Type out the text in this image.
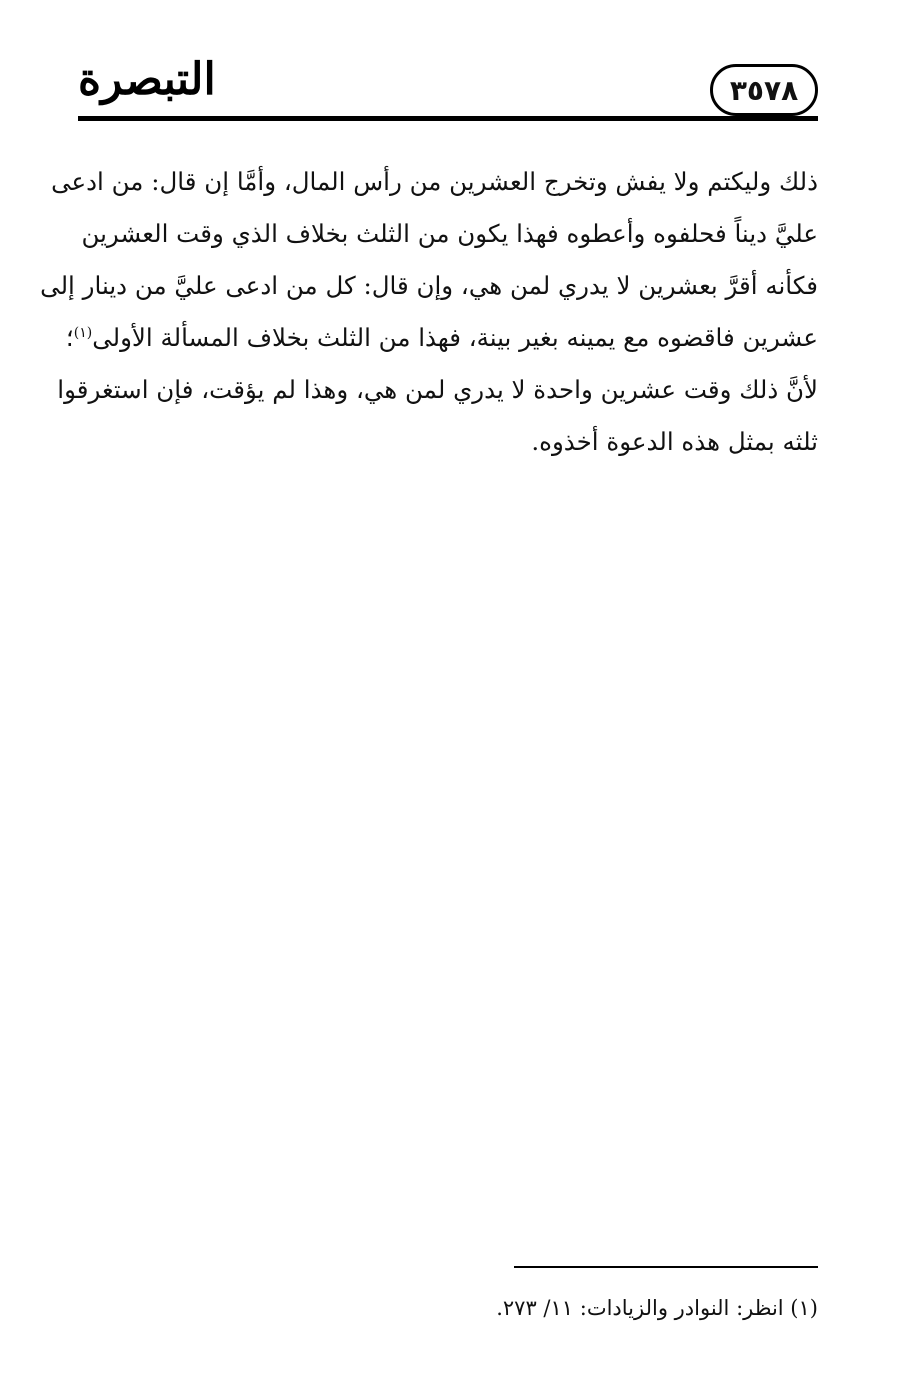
التبصرة	٣٥٧٨

ذلك وليكتم ولا يفش وتخرج العشرين من رأس المال، وأمَّا إن قال: من ادعى

عليَّ ديناً فحلفوه وأعطوه فهذا يكون من الثلث بخلاف الذي وقت العشرين

فكأنه أقرَّ بعشرين لا يدري لمن هي، وإن قال: كل من ادعى عليَّ من دينار إلى

عشرين فاقضوه مع يمينه بغير بينة، فهذا من الثلث بخلاف المسألة الأولى$^{(١)}$؛

لأنَّ ذلك وقت عشرين واحدة لا يدري لمن هي، وهذا لم يؤقت، فإن استغرقوا

ثلثه بمثل هذه الدعوة أخذوه.

(١) انظر: النوادر والزيادات: ١١/ ٢٧٣.
